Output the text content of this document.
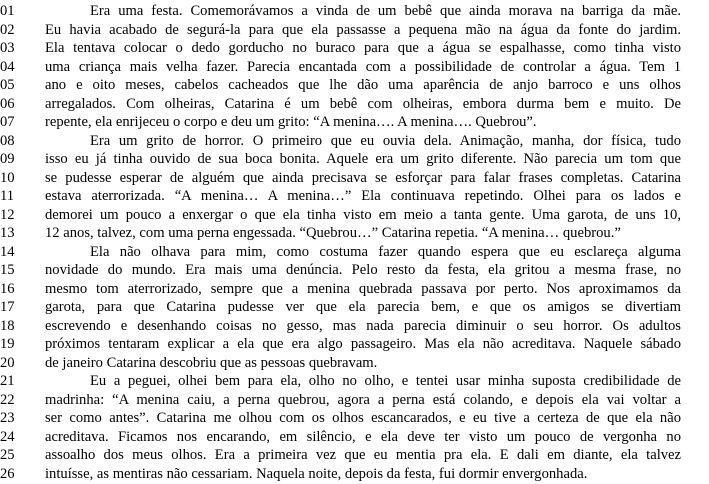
01	Era uma festa. Comemorávamos a vinda de um bebê que ainda morava na barriga da mãe.
02	Eu havia acabado de segurá-la para que ela passasse a pequena mão na água da fonte do jardim.
03	Ela tentava colocar o dedo gorducho no buraco para que a água se espalhasse, como tinha visto
04	uma criança mais velha fazer. Parecia encantada com a possibilidade de controlar a água. Tem 1
05	ano e oito meses, cabelos cacheados que lhe dão uma aparência de anjo barroco e uns olhos
06	arregalados. Com olheiras, Catarina é um bebê com olheiras, embora durma bem e muito. De
07	repente, ela enrijeceu o corpo e deu um grito: “A menina…. A menina…. Quebrou”.
08	Era um grito de horror. O primeiro que eu ouvia dela. Animação, manha, dor física, tudo
09	isso eu já tinha ouvido de sua boca bonita. Aquele era um grito diferente. Não parecia um tom que
10	se pudesse esperar de alguém que ainda precisava se esforçar para falar frases completas. Catarina
11	estava aterrorizada. “A menina… A menina…” Ela continuava repetindo. Olhei para os lados e
12	demorei um pouco a enxergar o que ela tinha visto em meio a tanta gente. Uma garota, de uns 10,
13	12 anos, talvez, com uma perna engessada. “Quebrou…” Catarina repetia. “A menina… quebrou.”
14	Ela não olhava para mim, como costuma fazer quando espera que eu esclareça alguma
15	novidade do mundo. Era mais uma denúncia. Pelo resto da festa, ela gritou a mesma frase, no
16	mesmo tom aterrorizado, sempre que a menina quebrada passava por perto. Nos aproximamos da
17	garota, para que Catarina pudesse ver que ela parecia bem, e que os amigos se divertiam
18	escrevendo e desenhando coisas no gesso, mas nada parecia diminuir o seu horror. Os adultos
19	próximos tentaram explicar a ela que era algo passageiro. Mas ela não acreditava. Naquele sábado
20	de janeiro Catarina descobriu que as pessoas quebravam.
21	Eu a peguei, olhei bem para ela, olho no olho, e tentei usar minha suposta credibilidade de
22	madrinha: “A menina caiu, a perna quebrou, agora a perna está colando, e depois ela vai voltar a
23	ser como antes”. Catarina me olhou com os olhos escancarados, e eu tive a certeza de que ela não
24	acreditava. Ficamos nos encarando, em silêncio, e ela deve ter visto um pouco de vergonha no
25	assoalho dos meus olhos. Era a primeira vez que eu mentia pra ela. E dali em diante, ela talvez
26	intuísse, as mentiras não cessariam. Naquela noite, depois da festa, fui dormir envergonhada.
